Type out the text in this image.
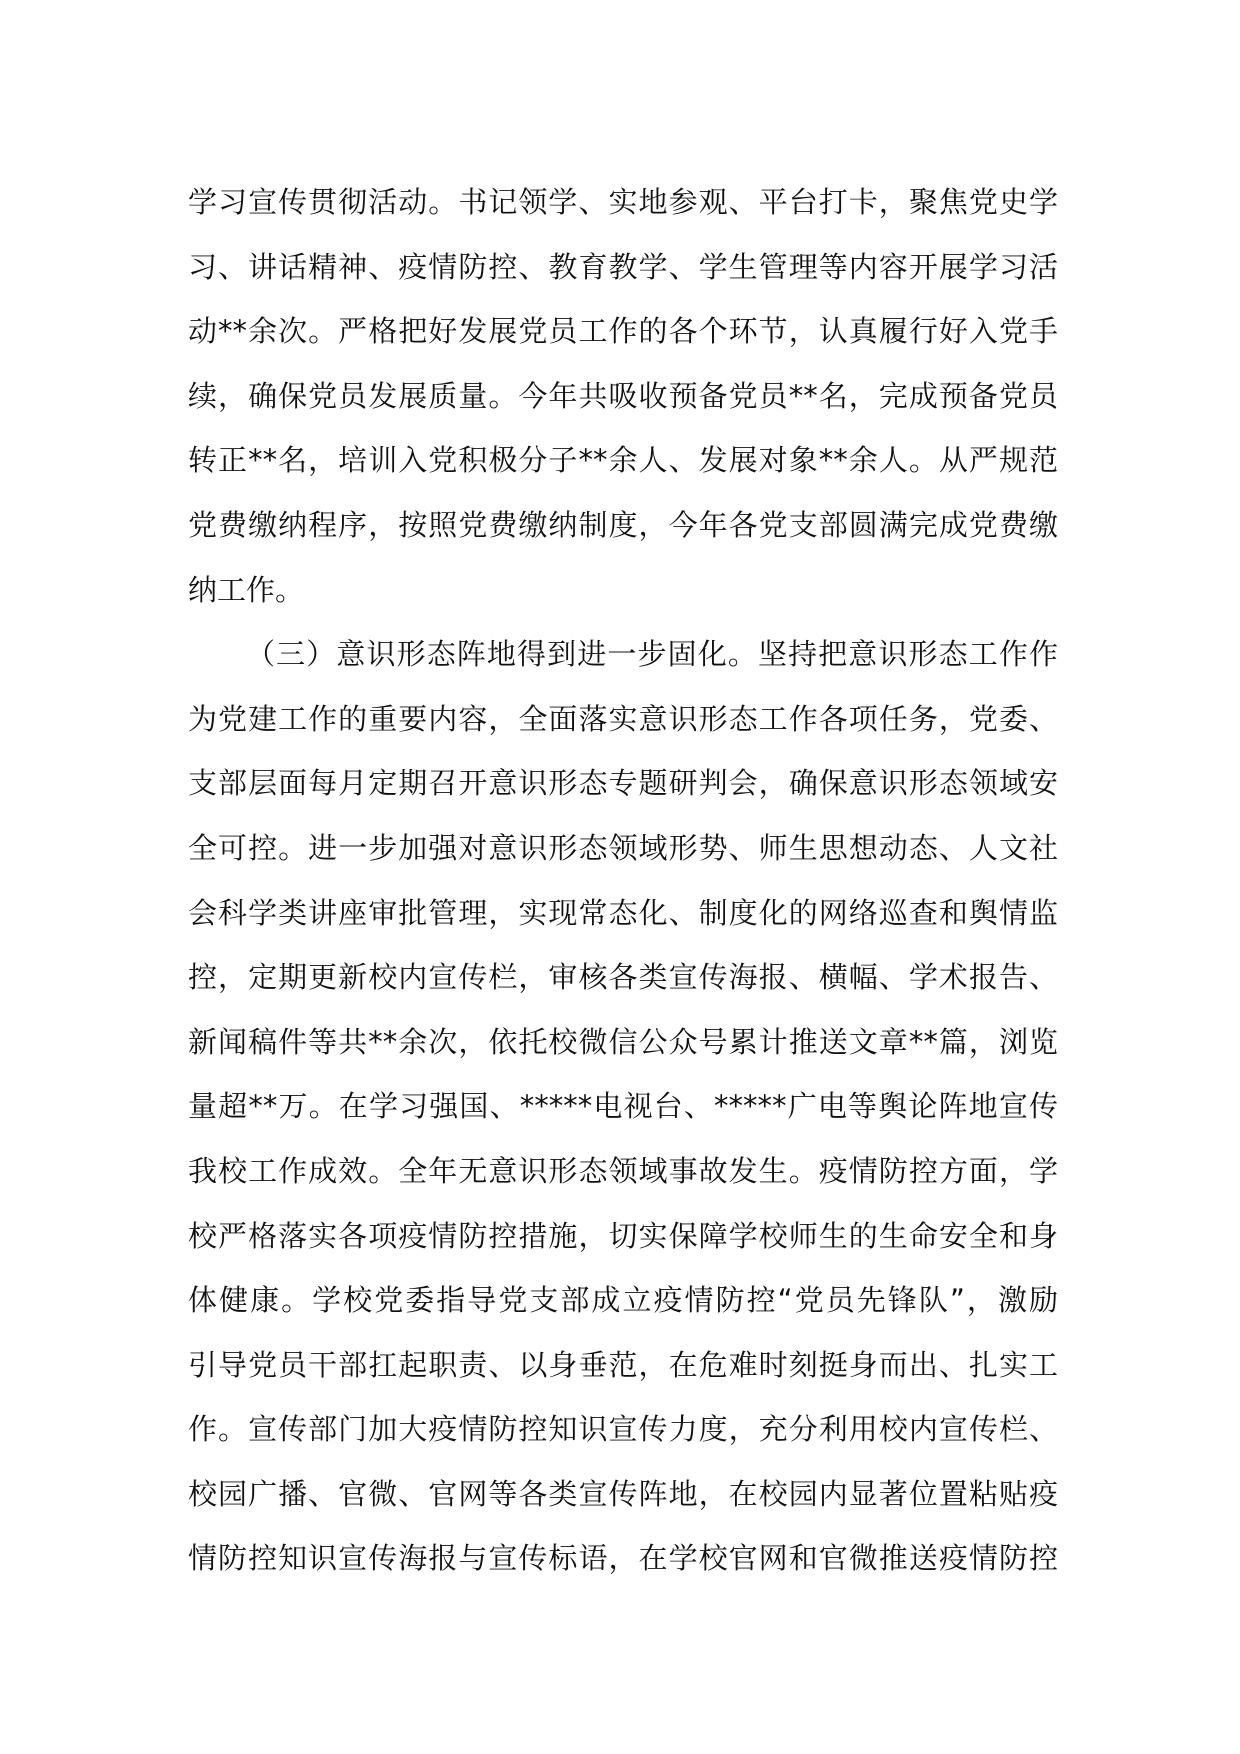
学习宣传贯彻活动。书记领学、实地参观、平台打卡，聚焦党史学
习、讲话精神、疫情防控、教育教学、学生管理等内容开展学习活
动**余次。严格把好发展党员工作的各个环节，认真履行好入党手
续，确保党员发展质量。今年共吸收预备党员**名，完成预备党员
转正**名，培训入党积极分子**余人、发展对象**余人。从严规范
党费缴纳程序，按照党费缴纳制度，今年各党支部圆满完成党费缴
纳工作。
（三）意识形态阵地得到进一步固化。坚持把意识形态工作作
为党建工作的重要内容，全面落实意识形态工作各项任务，党委、
支部层面每月定期召开意识形态专题研判会，确保意识形态领域安
全可控。进一步加强对意识形态领域形势、师生思想动态、人文社
会科学类讲座审批管理，实现常态化、制度化的网络巡查和舆情监
控，定期更新校内宣传栏，审核各类宣传海报、横幅、学术报告、
新闻稿件等共**余次，依托校微信公众号累计推送文章**篇，浏览
量超**万。在学习强国、*****电视台、*****广电等舆论阵地宣传
我校工作成效。全年无意识形态领域事故发生。疫情防控方面，学
校严格落实各项疫情防控措施，切实保障学校师生的生命安全和身
体健康。学校党委指导党支部成立疫情防控“党员先锋队”，激励
引导党员干部扛起职责、以身垂范，在危难时刻挺身而出、扎实工
作。宣传部门加大疫情防控知识宣传力度，充分利用校内宣传栏、
校园广播、官微、官网等各类宣传阵地，在校园内显著位置粘贴疫
情防控知识宣传海报与宣传标语，在学校官网和官微推送疫情防控
